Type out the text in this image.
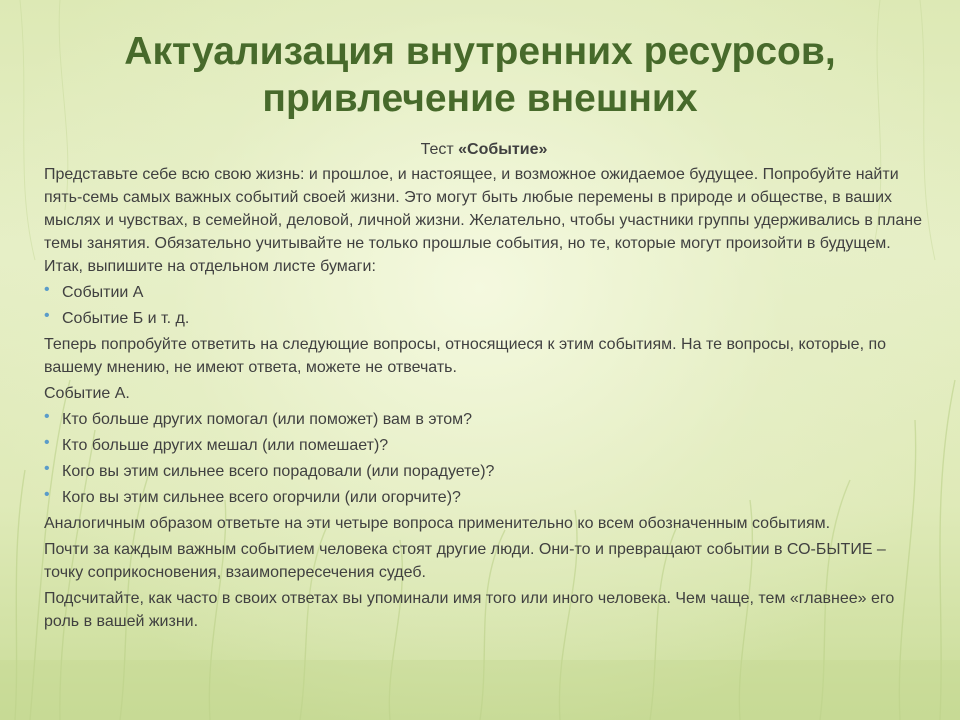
Актуализация внутренних ресурсов,
привлечение внешних

Тест «Событие»

Представьте себе всю свою жизнь: и прошлое, и настоящее, и возможное ожидаемое будущее. Попробуйте найти пять-семь самых важных событий своей жизни. Это могут быть любые перемены в природе и обществе, в ваших мыслях и чувствах, в семейной, деловой, личной жизни. Желательно, чтобы участники группы удерживались в плане темы занятия. Обязательно учитывайте не только прошлые события, но те, которые могут произойти в будущем. Итак, выпишите на отдельном листе бумаги:

• Событии А
• Событие Б и т. д.

Теперь попробуйте ответить на следующие вопросы, относящиеся к этим событиям. На те вопросы, которые, по вашему мнению, не имеют ответа, можете не отвечать.

Событие А.

• Кто больше других помогал (или поможет) вам в этом?
• Кто больше других мешал (или помешает)?
• Кого вы этим сильнее всего порадовали (или порадуете)?
• Кого вы этим сильнее всего огорчили (или огорчите)?

Аналогичным образом ответьте на эти четыре вопроса применительно ко всем обозначенным событиям.

Почти за каждым важным событием человека стоят другие люди. Они-то и превращают событии в СО-БЫТИЕ – точку соприкосновения, взаимопересечения судеб.

Подсчитайте, как часто в своих ответах вы упоминали имя того или иного человека. Чем чаще, тем «главнее» его роль в вашей жизни.
